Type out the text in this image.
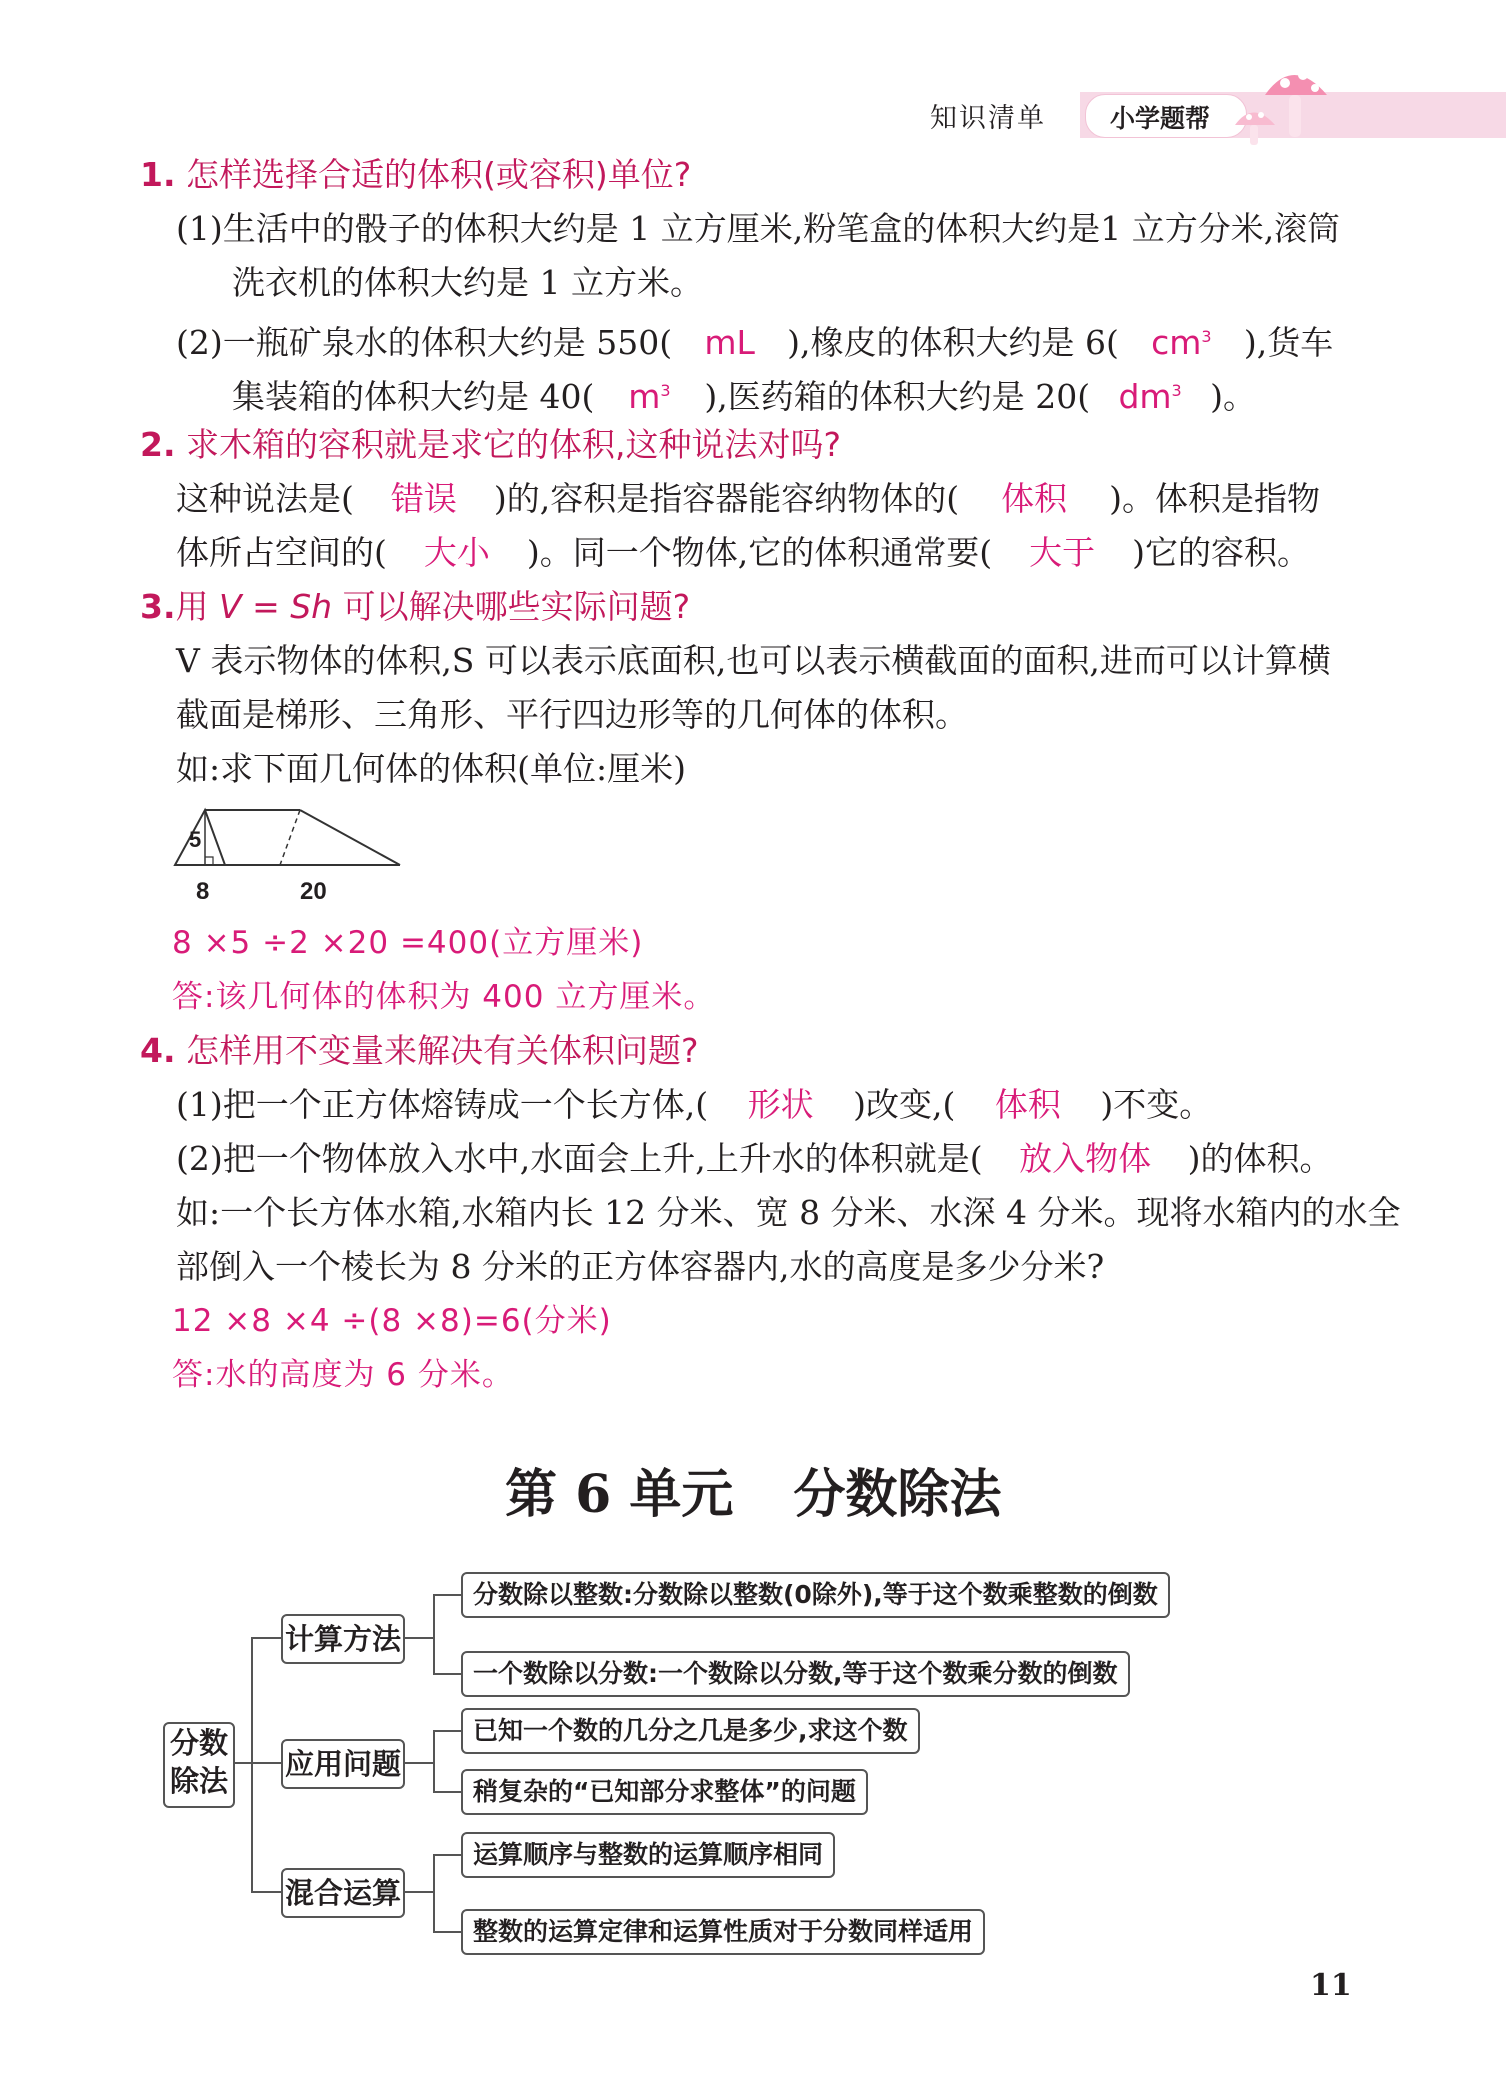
知识清单	小学题帮
1. 怎样选择合适的体积(或容积)单位?
(1)生活中的骰子的体积大约是 1 立方厘米,粉笔盒的体积大约是1 立方分米,滚筒
洗衣机的体积大约是 1 立方米。
(2)一瓶矿泉水的体积大约是 550( mL ),橡皮的体积大约是 6( $cm^3$ ),货车
集装箱的体积大约是 40( $m^3$ ),医药箱的体积大约是 20( $dm^3$ )。
2. 求木箱的容积就是求它的体积,这种说法对吗?
这种说法是( 错误 )的,容积是指容器能容纳物体的( 体积 )。体积是指物
体所占空间的( 大小 )。同一个物体,它的体积通常要( 大于 )它的容积。
3.用 V = Sh 可以解决哪些实际问题?
V 表示物体的体积,S 可以表示底面积,也可以表示横截面的面积,进而可以计算横
截面是梯形、三角形、平行四边形等的几何体的体积。
如:求下面几何体的体积(单位:厘米)
5
8	20
8 ×5 ÷2 ×20 =400(立方厘米)
答:该几何体的体积为 400 立方厘米。
4. 怎样用不变量来解决有关体积问题?
(1)把一个正方体熔铸成一个长方体,( 形状 )改变,( 体积 )不变。
(2)把一个物体放入水中,水面会上升,上升水的体积就是( 放入物体 )的体积。
如:一个长方体水箱,水箱内长 12 分米、宽 8 分米、水深 4 分米。现将水箱内的水全
部倒入一个棱长为 8 分米的正方体容器内,水的高度是多少分米?
12 ×8 ×4 ÷(8 ×8)=6(分米)
答:水的高度为 6 分米。
第 6 单元 分数除法
分数
除法
计算方法
分数除以整数:分数除以整数(0除外),等于这个数乘整数的倒数
一个数除以分数:一个数除以分数,等于这个数乘分数的倒数
应用问题
已知一个数的几分之几是多少,求这个数
稍复杂的“已知部分求整体”的问题
混合运算
运算顺序与整数的运算顺序相同
整数的运算定律和运算性质对于分数同样适用
11
